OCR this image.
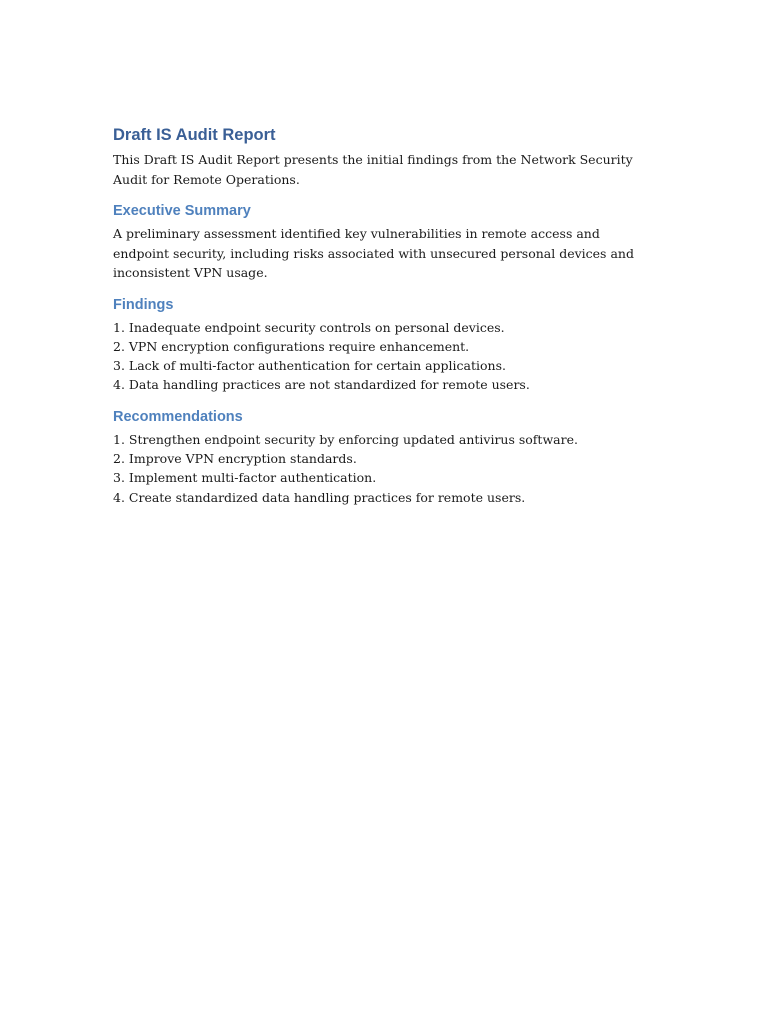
Draft IS Audit Report

This Draft IS Audit Report presents the initial findings from the Network Security Audit for Remote Operations.

Executive Summary

A preliminary assessment identified key vulnerabilities in remote access and endpoint security, including risks associated with unsecured personal devices and inconsistent VPN usage.

Findings
1. Inadequate endpoint security controls on personal devices.
2. VPN encryption configurations require enhancement.
3. Lack of multi-factor authentication for certain applications.
4. Data handling practices are not standardized for remote users.
Recommendations
1. Strengthen endpoint security by enforcing updated antivirus software.
2. Improve VPN encryption standards.
3. Implement multi-factor authentication.
4. Create standardized data handling practices for remote users.
